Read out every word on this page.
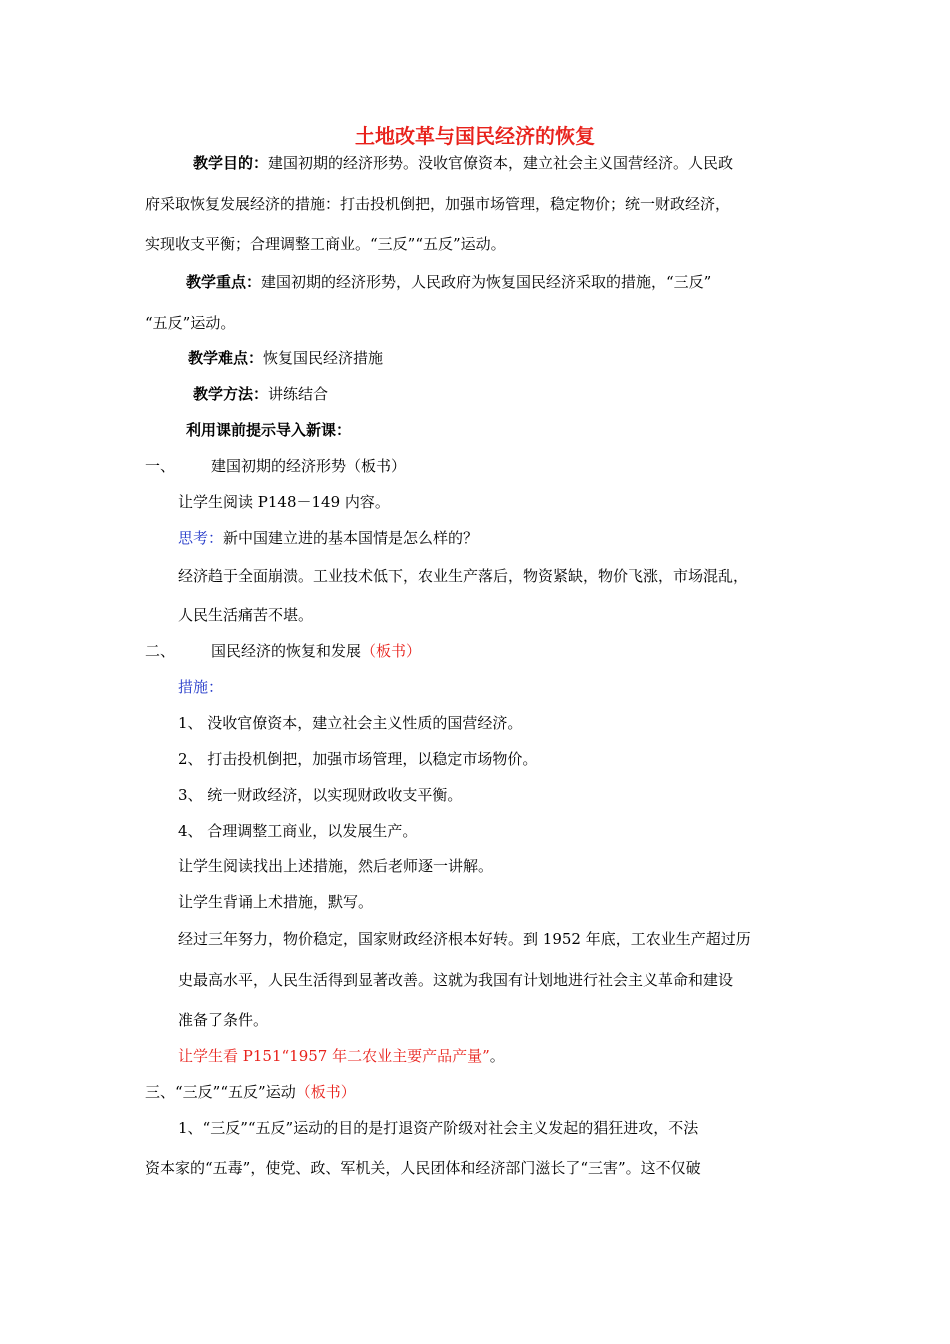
土地改革与国民经济的恢复
教学目的：建国初期的经济形势。没收官僚资本，建立社会主义国营经济。人民政
府采取恢复发展经济的措施：打击投机倒把，加强市场管理，稳定物价；统一财政经济，
实现收支平衡；合理调整工商业。“三反”“五反”运动。
教学重点：建国初期的经济形势，人民政府为恢复国民经济采取的措施，“三反”
“五反”运动。
教学难点：恢复国民经济措施
教学方法：讲练结合
利用课前提示导入新课：
一、 建国初期的经济形势（板书）
让学生阅读 P148－149 内容。
思考：新中国建立进的基本国情是怎么样的？
经济趋于全面崩溃。工业技术低下，农业生产落后，物资紧缺，物价飞涨，市场混乱，
人民生活痛苦不堪。
二、 国民经济的恢复和发展（板书）
措施：
1、 没收官僚资本，建立社会主义性质的国营经济。
2、 打击投机倒把，加强市场管理，以稳定市场物价。
3、 统一财政经济，以实现财政收支平衡。
4、 合理调整工商业，以发展生产。
让学生阅读找出上述措施，然后老师逐一讲解。
让学生背诵上术措施，默写。
经过三年努力，物价稳定，国家财政经济根本好转。到 1952 年底，工农业生产超过历
史最高水平，人民生活得到显著改善。这就为我国有计划地进行社会主义革命和建设
准备了条件。
让学生看 P151“1957 年二农业主要产品产量”。
三、“三反”“五反”运动（板书）
1、“三反”“五反”运动的目的是打退资产阶级对社会主义发起的猖狂进攻，不法
资本家的“五毒”，使党、政、军机关，人民团体和经济部门滋长了“三害”。这不仅破
